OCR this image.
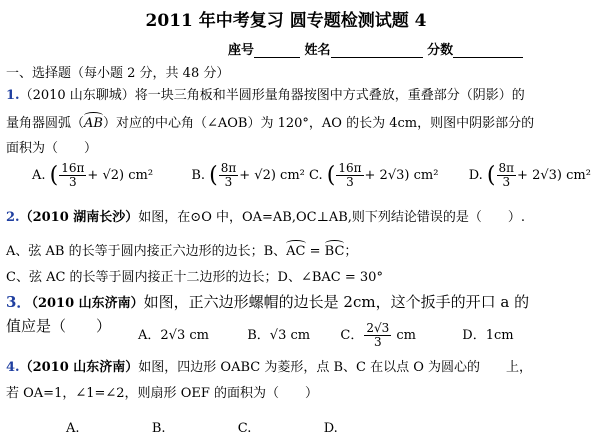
2011 年中考复习 圆专题检测试题 4
座号	姓名	分数
一、选择题（每小题 2 分，共 48 分）
1.（2010 山东聊城）将一块三角板和半圆形量角器按图中方式叠放，重叠部分（阴影）的
量角器圆弧（AB）对应的中心角（∠AOB）为 120°，AO 的长为 4cm，则图中阴影部分的
面积为（　　）
A. ( $\frac{16\pi}{3} + √2$) cm²	B. ( $\frac{8\pi}{3} + √2$) cm² C. ( $\frac{16\pi}{3} + 2√3$) cm² D. ( $\frac{8\pi}{3} + 2√3$) cm²
2.（2010 湖南长沙）如图，在⊙O 中，OA=AB,OC⊥AB,则下列结论错误的是（　　）.
A、弦 AB 的长等于圆内接正六边形的边长；B、AC = BC；
C、弦 AC 的长等于圆内接正十二边形的边长；D、∠BAC = 30°
3．（2010 山东济南）如图，正六边形螺帽的边长是 2cm，这个扳手的开口 a 的
值应是（　　）
A．2√3 cm	B．√3 cm C． $\frac{2√3}{3}$ cm	D．1cm
4.（2010 山东济南）如图，四边形 OABC 为菱形，点 B、C 在以点 O 为圆心的　　上，
若 OA=1，∠1=∠2，则扇形 OEF 的面积为（　　）
A.	B.	C.	D.
